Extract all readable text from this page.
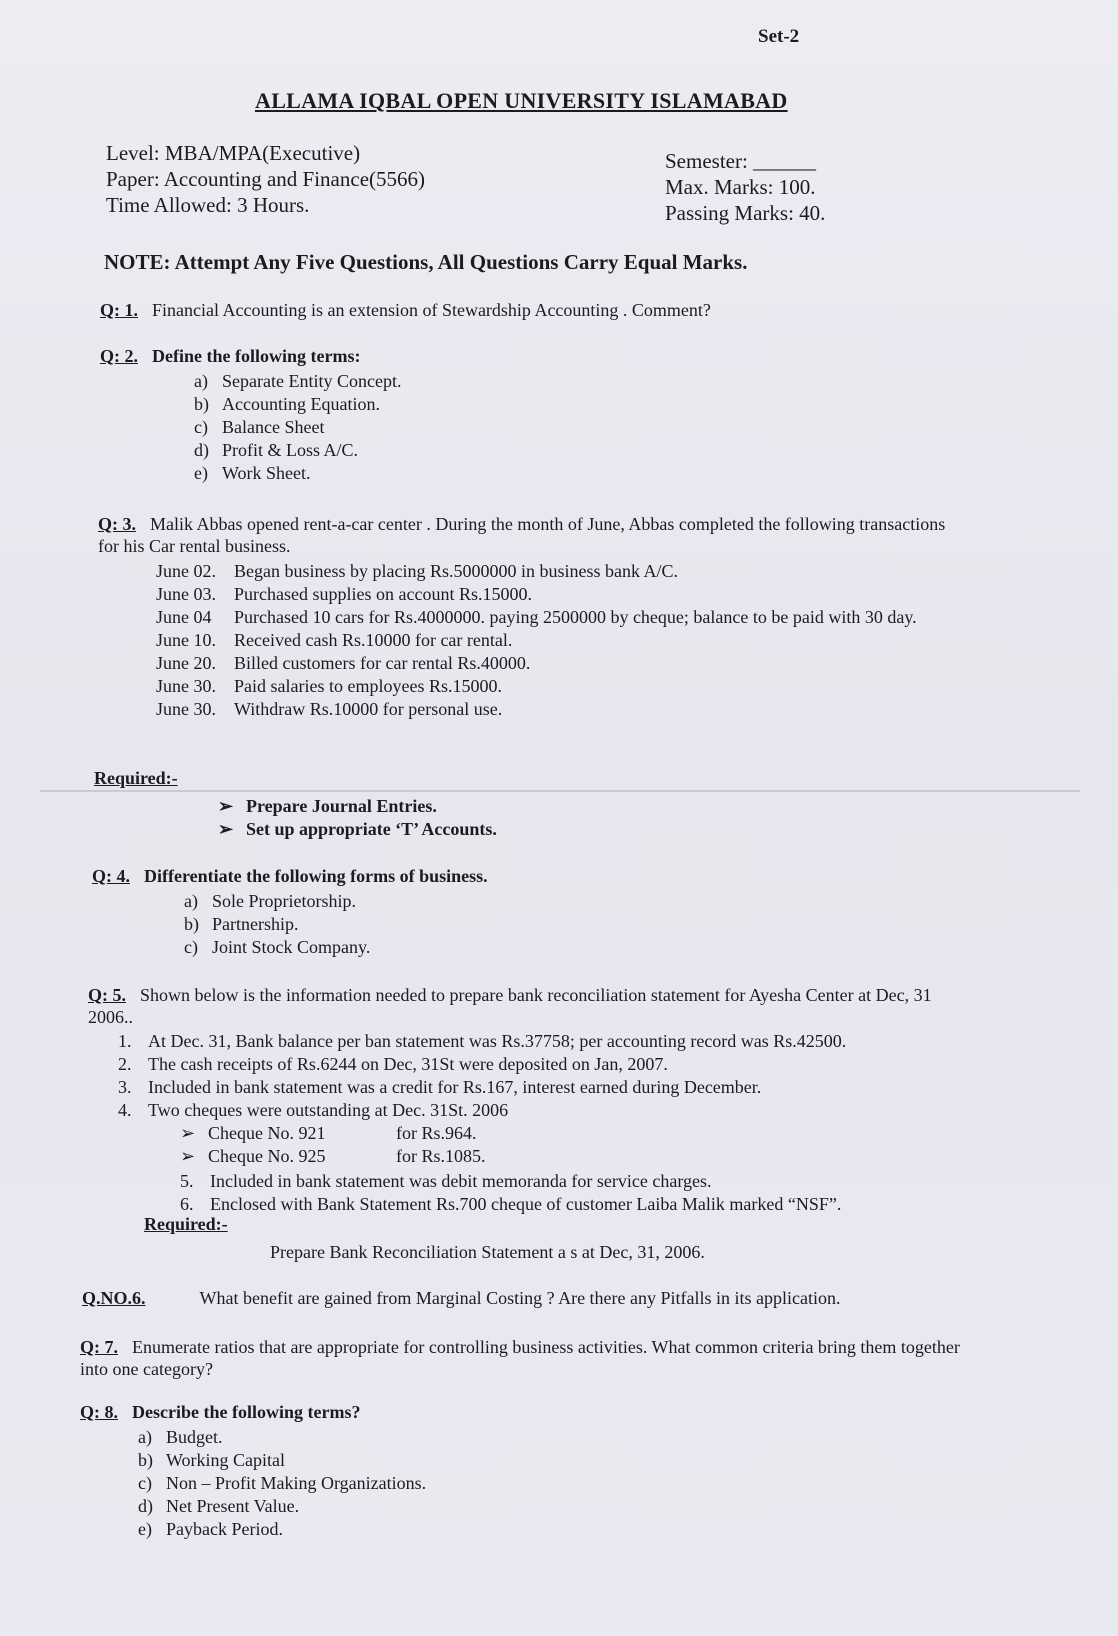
Set-2
ALLAMA IQBAL OPEN UNIVERSITY ISLAMABAD
Level: MBA/MPA(Executive)
Paper: Accounting and Finance(5566)
Time Allowed: 3 Hours.
Semester: ______
Max. Marks: 100.
Passing Marks: 40.
NOTE: Attempt Any Five Questions, All Questions Carry Equal Marks.
Q: 1. Financial Accounting is an extension of Stewardship Accounting . Comment?
Q: 2. Define the following terms:
a) Separate Entity Concept.
b) Accounting Equation.
c) Balance Sheet
d) Profit & Loss A/C.
e) Work Sheet.
Q: 3. Malik Abbas opened rent-a-car center . During the month of June, Abbas completed the following transactions for his Car rental business.
June 02. Began business by placing Rs.5000000 in business bank A/C.
June 03. Purchased supplies on account Rs.15000.
June 04 Purchased 10 cars for Rs.4000000. paying 2500000 by cheque; balance to be paid with 30 day.
June 10. Received cash Rs.10000 for car rental.
June 20. Billed customers for car rental Rs.40000.
June 30. Paid salaries to employees Rs.15000.
June 30. Withdraw Rs.10000 for personal use.
Required:-
➢ Prepare Journal Entries.
➢ Set up appropriate ‘T’ Accounts.
Q: 4. Differentiate the following forms of business.
a) Sole Proprietorship.
b) Partnership.
c) Joint Stock Company.
Q: 5. Shown below is the information needed to prepare bank reconciliation statement for Ayesha Center at Dec, 31 2006..
1. At Dec. 31, Bank balance per ban statement was Rs.37758; per accounting record was Rs.42500.
2. The cash receipts of Rs.6244 on Dec, 31St were deposited on Jan, 2007.
3. Included in bank statement was a credit for Rs.167, interest earned during December.
4. Two cheques were outstanding at Dec. 31St. 2006
➢ Cheque No. 921	for Rs.964.
➢ Cheque No. 925	for Rs.1085.
5. Included in bank statement was debit memoranda for service charges.
6. Enclosed with Bank Statement Rs.700 cheque of customer Laiba Malik marked “NSF”.
Required:-
Prepare Bank Reconciliation Statement a s at Dec, 31, 2006.
Q.NO.6.	What benefit are gained from Marginal Costing ? Are there any Pitfalls in its application.
Q: 7. Enumerate ratios that are appropriate for controlling business activities. What common criteria bring them together into one category?
Q: 8. Describe the following terms?
a) Budget.
b) Working Capital
c) Non – Profit Making Organizations.
d) Net Present Value.
e) Payback Period.
